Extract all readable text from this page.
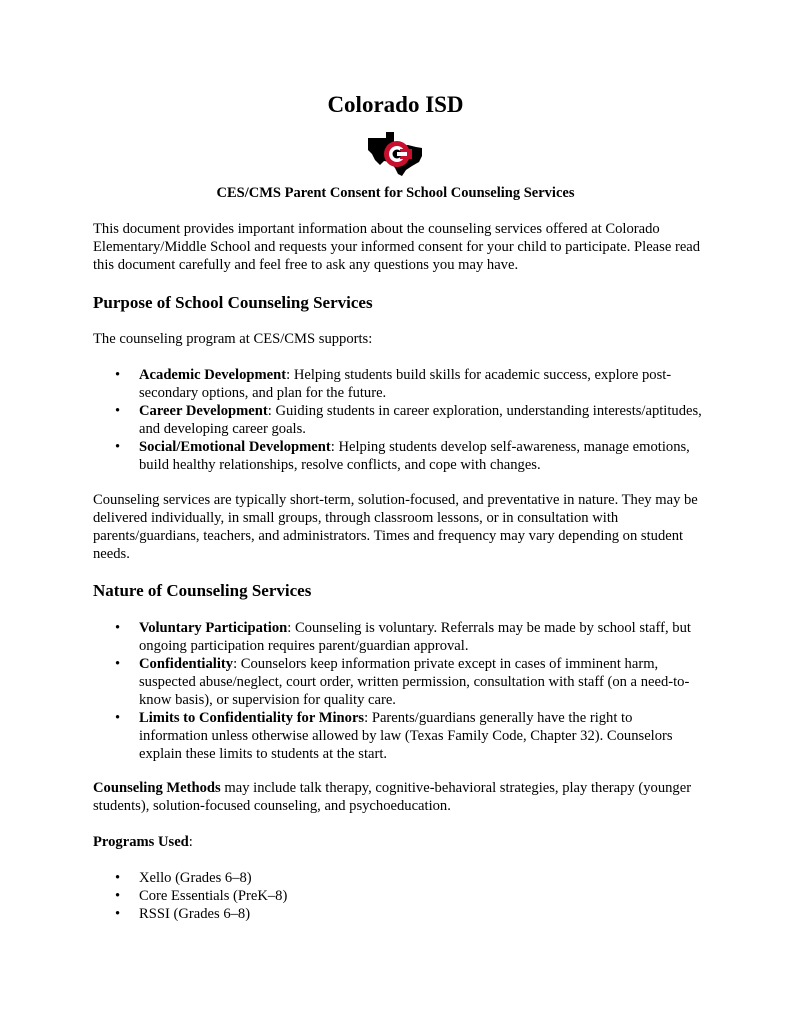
Colorado ISD
CES/CMS Parent Consent for School Counseling Services
This document provides important information about the counseling services offered at Colorado Elementary/Middle School and requests your informed consent for your child to participate. Please read this document carefully and feel free to ask any questions you may have.
Purpose of School Counseling Services
The counseling program at CES/CMS supports:
• Academic Development: Helping students build skills for academic success, explore post-secondary options, and plan for the future.
• Career Development: Guiding students in career exploration, understanding interests/aptitudes, and developing career goals.
• Social/Emotional Development: Helping students develop self-awareness, manage emotions, build healthy relationships, resolve conflicts, and cope with changes.
Counseling services are typically short-term, solution-focused, and preventative in nature. They may be delivered individually, in small groups, through classroom lessons, or in consultation with parents/guardians, teachers, and administrators. Times and frequency may vary depending on student needs.
Nature of Counseling Services
• Voluntary Participation: Counseling is voluntary. Referrals may be made by school staff, but ongoing participation requires parent/guardian approval.
• Confidentiality: Counselors keep information private except in cases of imminent harm, suspected abuse/neglect, court order, written permission, consultation with staff (on a need-to-know basis), or supervision for quality care.
• Limits to Confidentiality for Minors: Parents/guardians generally have the right to information unless otherwise allowed by law (Texas Family Code, Chapter 32). Counselors explain these limits to students at the start.
Counseling Methods may include talk therapy, cognitive-behavioral strategies, play therapy (younger students), solution-focused counseling, and psychoeducation.
Programs Used:
• Xello (Grades 6–8)
• Core Essentials (PreK–8)
• RSSI (Grades 6–8)
